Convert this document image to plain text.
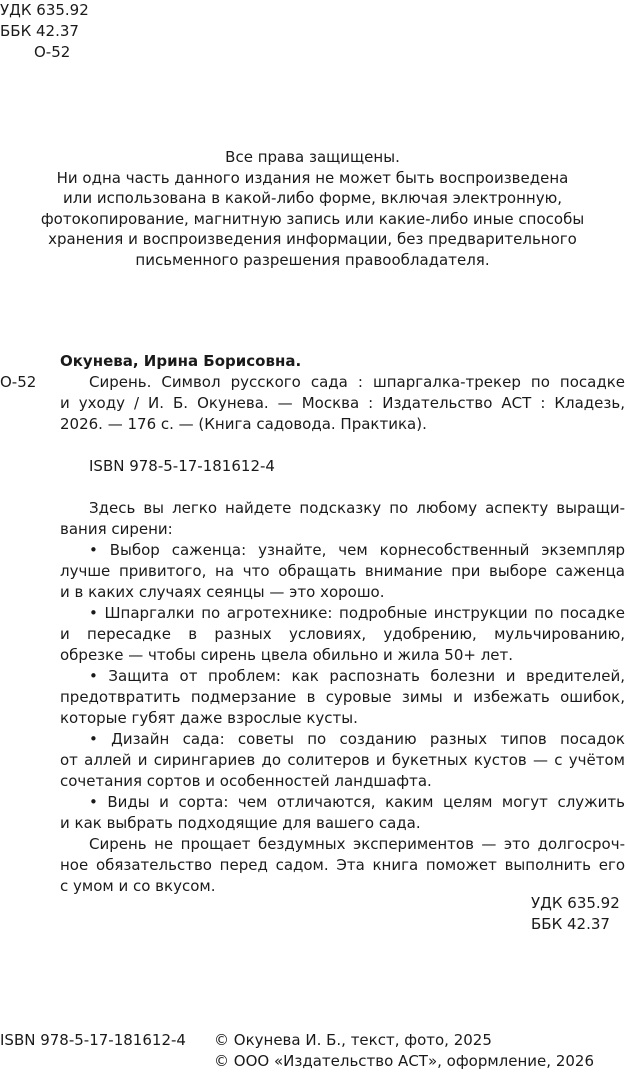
УДК 635.92
ББК 42.37
О-52
Все права защищены.
Ни одна часть данного издания не может быть воспроизведена
или использована в какой-либо форме, включая электронную,
фотокопирование, магнитную запись или какие-либо иные способы
хранения и воспроизведения информации, без предварительного
письменного разрешения правообладателя.
Окунева, Ирина Борисовна.
О-52	Сирень. Символ русского сада : шпаргалка-трекер по посадке
и уходу / И. Б. Окунева. — Москва : Издательство АСТ : Кладезь,
2026. — 176 с. — (Книга садовода. Практика).
ISBN 978-5-17-181612-4
Здесь вы легко найдете подсказку по любому аспекту выращи-
вания сирени:
• Выбор саженца: узнайте, чем корнесобственный экземпляр
лучше привитого, на что обращать внимание при выборе саженца
и в каких случаях сеянцы — это хорошо.
• Шпаргалки по агротехнике: подробные инструкции по посадке
и пересадке в разных условиях, удобрению, мульчированию,
обрезке — чтобы сирень цвела обильно и жила 50+ лет.
• Защита от проблем: как распознать болезни и вредителей,
предотвратить подмерзание в суровые зимы и избежать ошибок,
которые губят даже взрослые кусты.
• Дизайн сада: советы по созданию разных типов посадок
от аллей и сирингариев до солитеров и букетных кустов — с учётом
сочетания сортов и особенностей ландшафта.
• Виды и сорта: чем отличаются, каким целям могут служить
и как выбрать подходящие для вашего сада.
Сирень не прощает бездумных экспериментов — это долгосроч-
ное обязательство перед садом. Эта книга поможет выполнить его
с умом и со вкусом.
УДК 635.92
ББК 42.37
ISBN 978-5-17-181612-4 © Окунева И. Б., текст, фото, 2025
© ООО «Издательство АСТ», оформление, 2026
